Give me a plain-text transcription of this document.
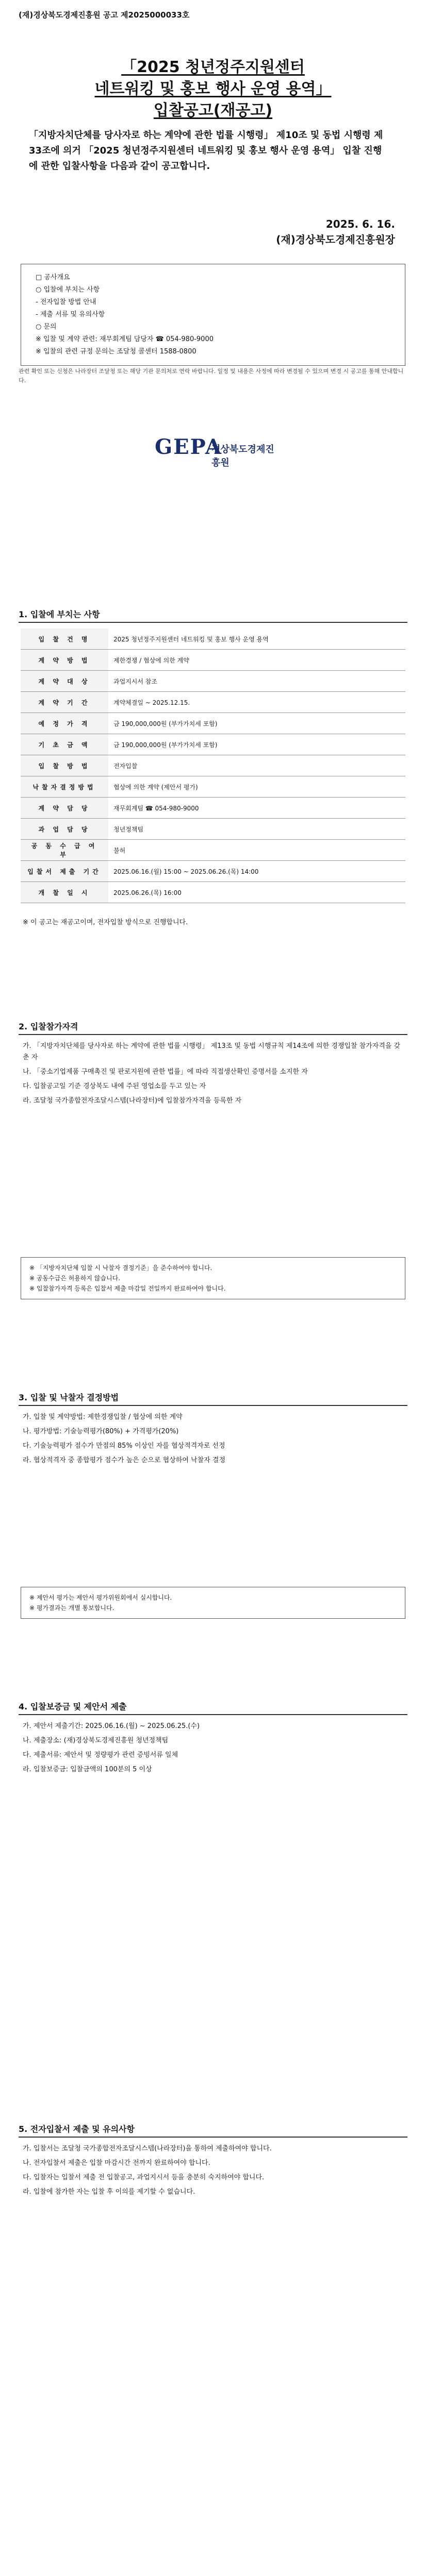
(재)경상북도경제진흥원 공고 제2025000033호
「2025 청년정주지원센터
네트워킹 및 홍보 행사 운영 용역」
입찰공고(재공고)

「지방자치단체를 당사자로 하는 계약에 관한 법률 시행령」 제10조 및 동법 시행령 제33조에 의거 「2025 청년정주지원센터 네트워킹 및 홍보 행사 운영 용역」 입찰 진행에 관한 입찰사항을 다음과 같이 공고합니다.

2025. 6. 16.
(재)경상북도경제진흥원장
□ 공사개요
○ 입찰에 부치는 사항
- 전자입찰 방법 안내
- 제출 서류 및 유의사항
○ 문의
※ 입찰 및 계약 관련: 재무회계팀 담당자 ☎ 054-980-9000
※ 입찰의 관련 규정 문의는 조달청 콜센터 1588-0800
관련 확인 또는 신청은 나라장터 조달청 또는 해당 기관 문의처로 연락 바랍니다. 일정 및 내용은 사정에 따라 변경될 수 있으며 변경 시 공고를 통해 안내합니다.
GEPA
경상북도경제진흥원
1. 입찰에 부치는 사항
입 찰 건 명	2025 청년정주지원센터 네트워킹 및 홍보 행사 운영 용역
계 약 방 법	제한경쟁 / 협상에 의한 계약
계 약 대 상	과업지시서 참조
계 약 기 간	계약체결일 ~ 2025.12.15.
예 정 가 격	금 190,000,000원 (부가가치세 포함)
기 초 금 액	금 190,000,000원 (부가가치세 포함)
입 찰 방 법	전자입찰
낙찰자결정방법	협상에 의한 계약 (제안서 평가)
계 약 담 당	재무회계팀 ☎ 054-980-9000
과 업 담 당	청년정책팀
공 동 수 급 여 부	불허
입찰서 제출 기간	2025.06.16.(월) 15:00 ~ 2025.06.26.(목) 14:00
개 찰 일 시	2025.06.26.(목) 16:00

※ 이 공고는 재공고이며, 전자입찰 방식으로 진행합니다.

2. 입찰참가자격

가. 「지방자치단체를 당사자로 하는 계약에 관한 법률 시행령」 제13조 및 동법 시행규칙 제14조에 의한 경쟁입찰 참가자격을 갖춘 자

나. 「중소기업제품 구매촉진 및 판로지원에 관한 법률」에 따라 직접생산확인 증명서를 소지한 자

다. 입찰공고일 기준 경상북도 내에 주된 영업소를 두고 있는 자

라. 조달청 국가종합전자조달시스템(나라장터)에 입찰참가자격을 등록한 자

※ 「지방자치단체 입찰 시 낙찰자 결정기준」을 준수하여야 합니다.
※ 공동수급은 허용하지 않습니다.
※ 입찰참가자격 등록은 입찰서 제출 마감일 전일까지 완료하여야 합니다.
3. 입찰 및 낙찰자 결정방법

가. 입찰 및 계약방법: 제한경쟁입찰 / 협상에 의한 계약

나. 평가방법: 기술능력평가(80%) + 가격평가(20%)

다. 기술능력평가 점수가 만점의 85% 이상인 자를 협상적격자로 선정

라. 협상적격자 중 종합평가 점수가 높은 순으로 협상하여 낙찰자 결정

※ 제안서 평가는 제안서 평가위원회에서 실시합니다.
※ 평가결과는 개별 통보합니다.
4. 입찰보증금 및 제안서 제출

가. 제안서 제출기간: 2025.06.16.(월) ~ 2025.06.25.(수)

나. 제출장소: (재)경상북도경제진흥원 청년정책팀

다. 제출서류: 제안서 및 정량평가 관련 증빙서류 일체

라. 입찰보증금: 입찰금액의 100분의 5 이상

5. 전자입찰서 제출 및 유의사항

가. 입찰서는 조달청 국가종합전자조달시스템(나라장터)을 통하여 제출하여야 합니다.

나. 전자입찰서 제출은 입찰 마감시간 전까지 완료하여야 합니다.

다. 입찰자는 입찰서 제출 전 입찰공고, 과업지시서 등을 충분히 숙지하여야 합니다.

라. 입찰에 참가한 자는 입찰 후 이의를 제기할 수 없습니다.
